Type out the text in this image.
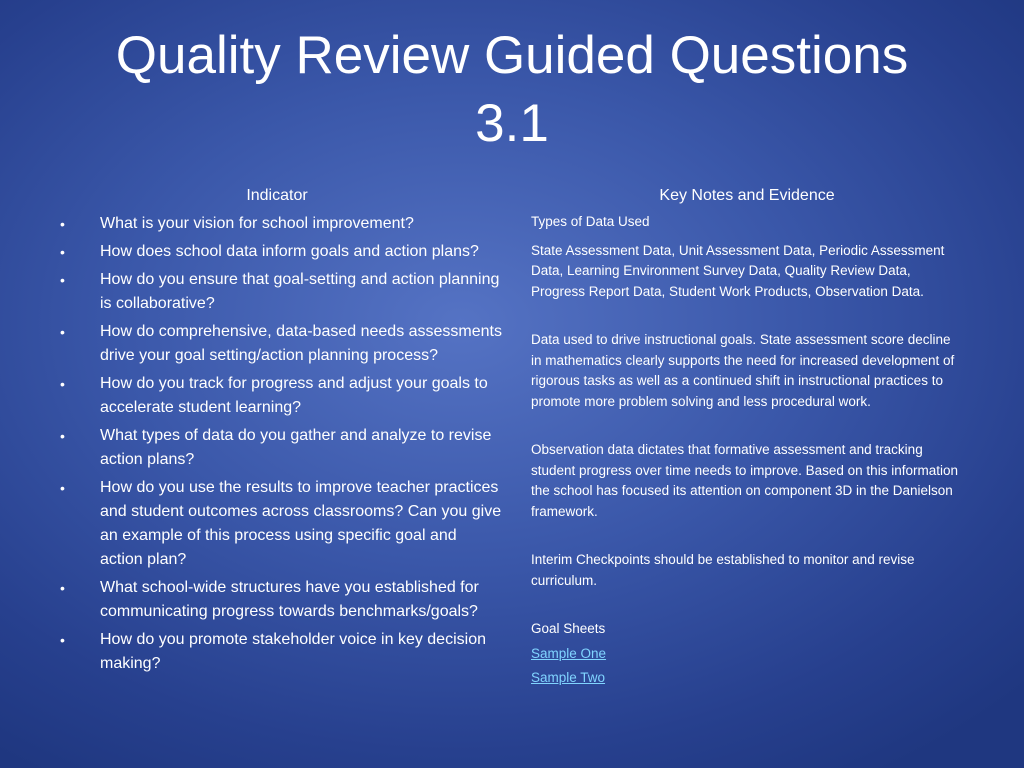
Quality Review Guided Questions
3.1
Indicator
• What is your vision for school improvement?
• How does school data inform goals and action plans?
• How do you ensure that goal-setting and action planning is collaborative?
• How do comprehensive, data-based needs assessments drive your goal setting/action planning process?
• How do you track for progress and adjust your goals to accelerate student learning?
• What types of data do you gather and analyze to revise action plans?
• How do you use the results to improve teacher practices and student outcomes across classrooms? Can you give an example of this process using specific goal and action plan?
• What school-wide structures have you established for communicating progress towards benchmarks/goals?
• How do you promote stakeholder voice in key decision making?
Key Notes and Evidence

Types of Data Used

State Assessment Data, Unit Assessment Data, Periodic Assessment Data, Learning Environment Survey Data, Quality Review Data, Progress Report Data, Student Work Products, Observation Data.

Data used to drive instructional goals. State assessment score decline in mathematics clearly supports the need for increased development of rigorous tasks as well as a continued shift in instructional practices to promote more problem solving and less procedural work.

Observation data dictates that formative assessment and tracking student progress over time needs to improve. Based on this information the school has focused its attention on component 3D in the Danielson framework.

Interim Checkpoints should be established to monitor and revise curriculum.

Goal Sheets

Sample One

Sample Two
